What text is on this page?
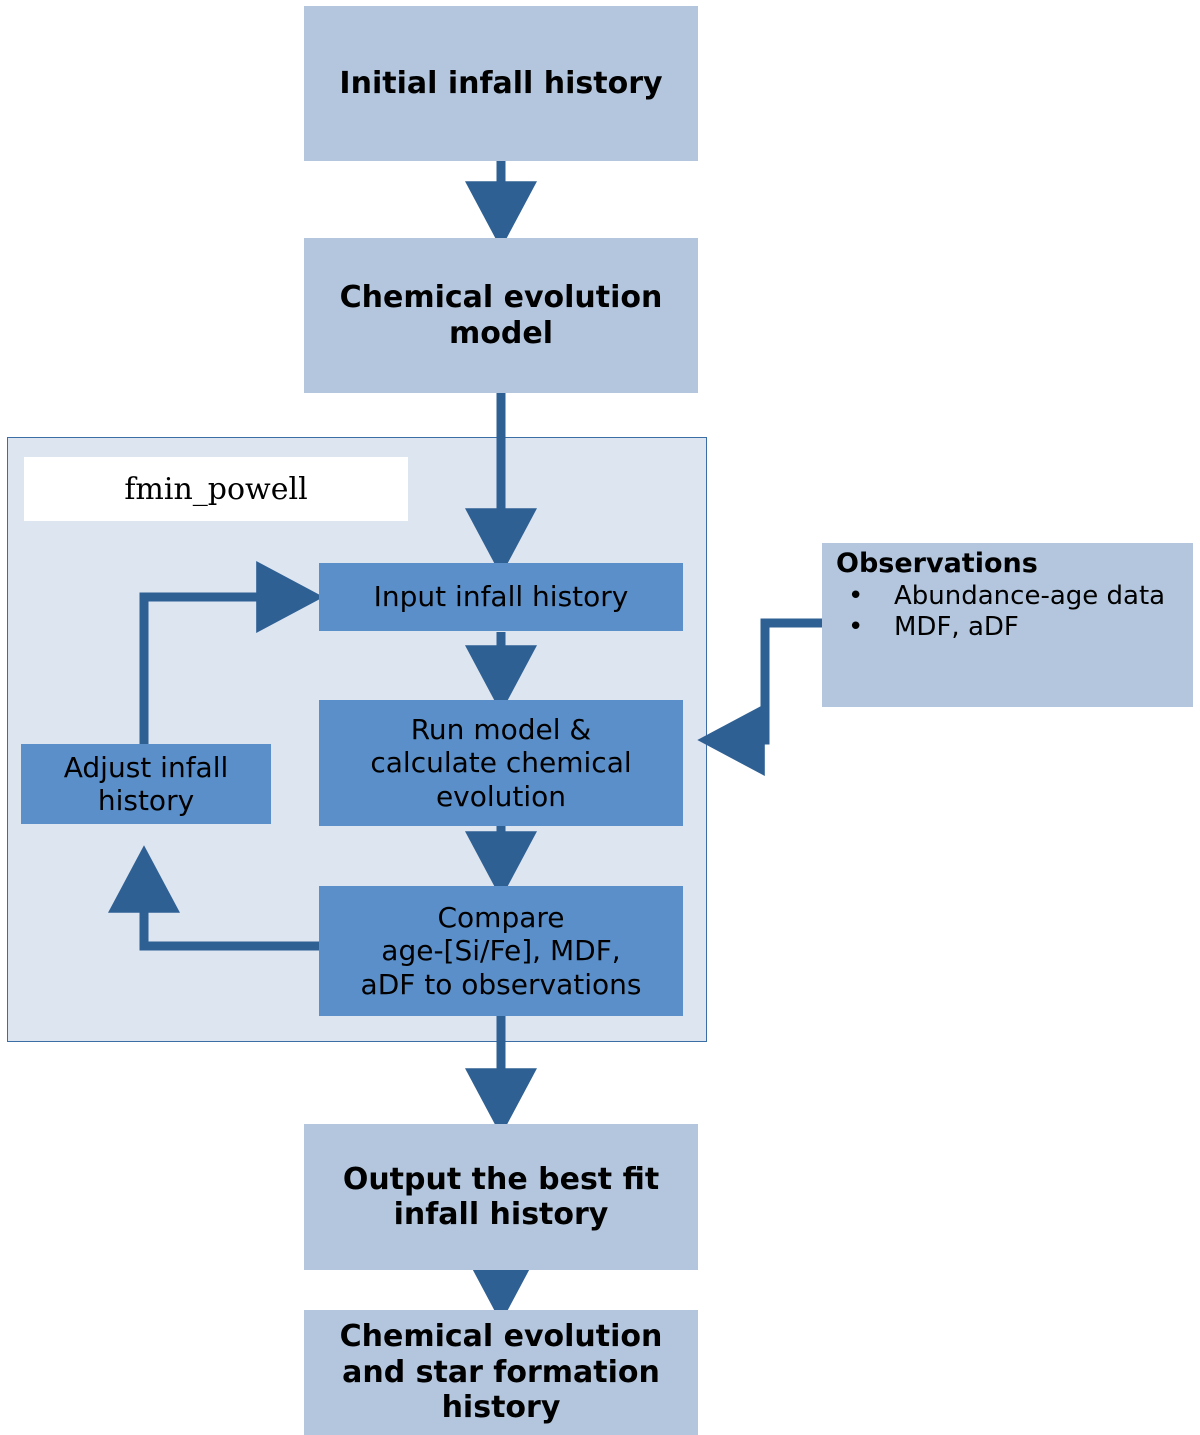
fmin_powell
Initial infall history
Chemical evolution
model
Input infall history
Run model &
calculate chemical
evolution
Compare
age-[Si/Fe], MDF,
aDF to observations
Adjust infall
history
Output the best fit
infall history
Chemical evolution
and star formation
history
Observations
• Abundance-age data
• MDF, aDF
